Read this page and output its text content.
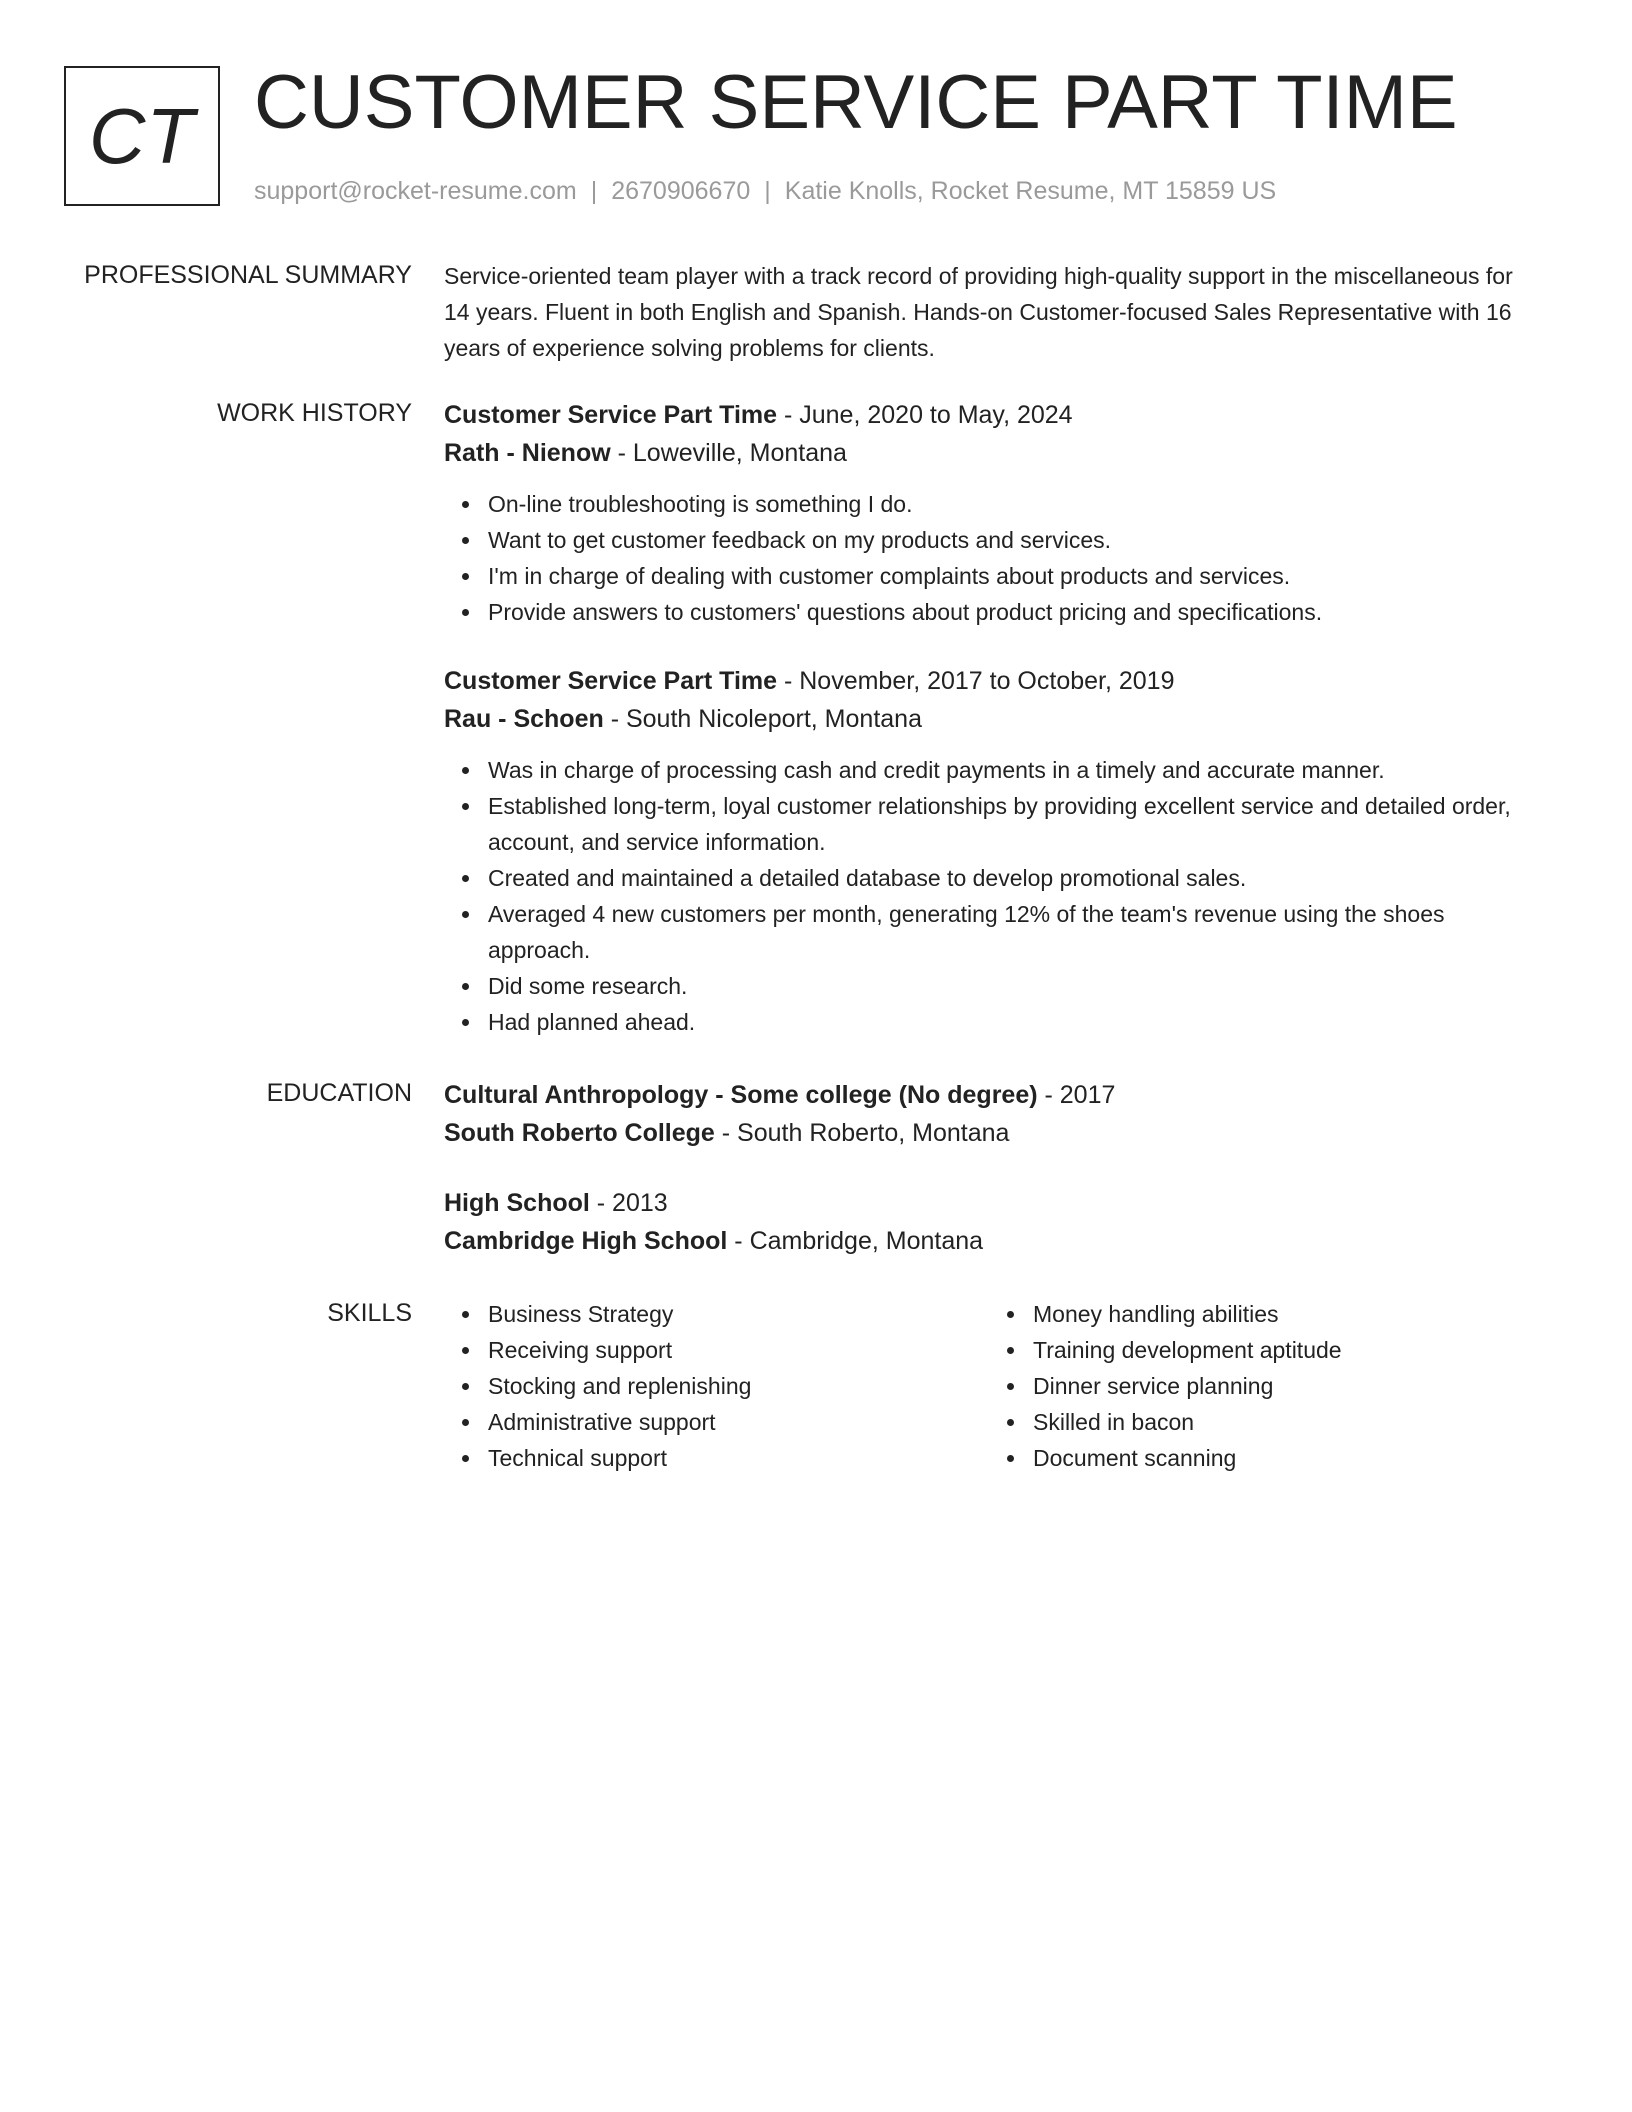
CT CUSTOMER SERVICE PART TIME
support@rocket-resume.com | 2670906670 | Katie Knolls, Rocket Resume, MT 15859 US
PROFESSIONAL SUMMARY Service-oriented team player with a track record of providing high-quality support in the miscellaneous for 14 years. Fluent in both English and Spanish. Hands-on Customer-focused Sales Representative with 16 years of experience solving problems for clients.

WORK HISTORY Customer Service Part Time - June, 2020 to May, 2024

Rath - Nienow - Loweville, Montana

On-line troubleshooting is something I do.
Want to get customer feedback on my products and services.
I'm in charge of dealing with customer complaints about products and services.
Provide answers to customers' questions about product pricing and specifications.

Customer Service Part Time - November, 2017 to October, 2019

Rau - Schoen - South Nicoleport, Montana

Was in charge of processing cash and credit payments in a timely and accurate manner.
Established long-term, loyal customer relationships by providing excellent service and detailed order, account, and service information.
Created and maintained a detailed database to develop promotional sales.
Averaged 4 new customers per month, generating 12% of the team's revenue using the shoes approach.
Did some research.
Had planned ahead.
EDUCATION Cultural Anthropology - Some college (No degree) - 2017

South Roberto College - South Roberto, Montana

High School - 2013

Cambridge High School - Cambridge, Montana

SKILLS	Business Strategy
Receiving support
Stocking and replenishing
Administrative support
Technical support
Money handling abilities
Training development aptitude
Dinner service planning
Skilled in bacon
Document scanning
